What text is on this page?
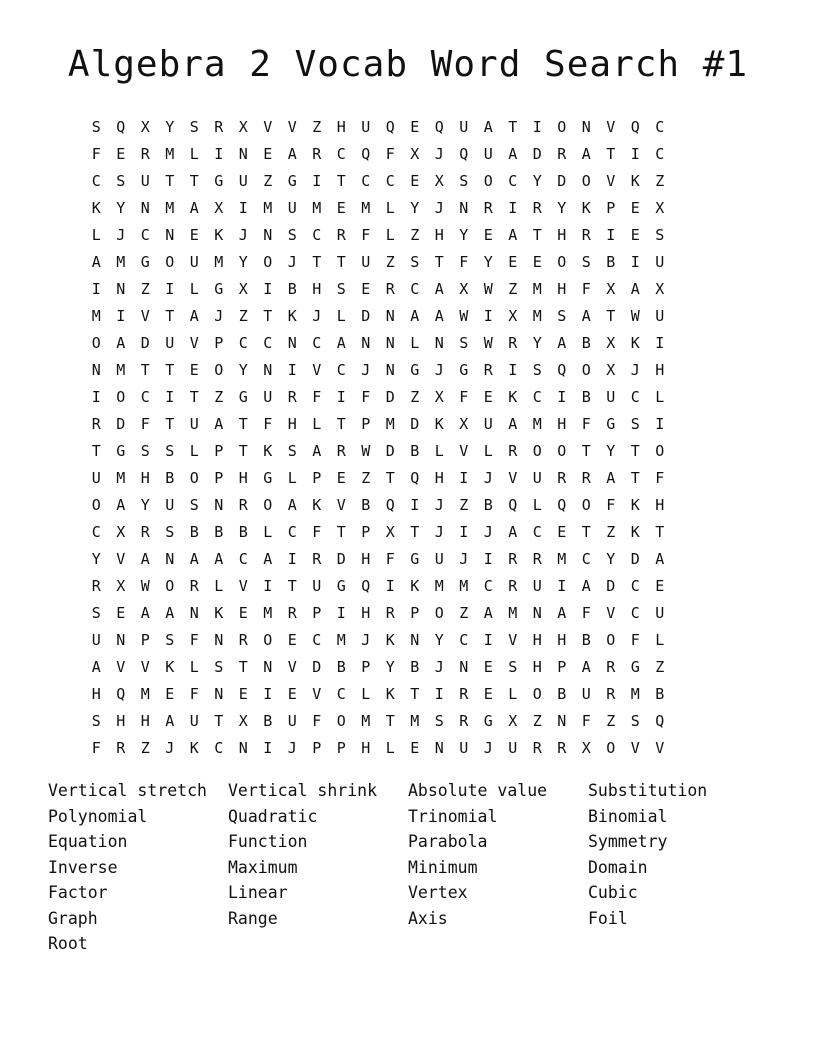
Algebra 2 Vocab Word Search #1
S	Q	X	Y	S	R	X	V	V	Z	H	U	Q	E	Q	U	A	T	I	O	N	V	Q	C
F	E	R	M	L	I	N	E	A	R	C	Q	F	X	J	Q	U	A	D	R	A	T	I	C
C	S	U	T	T	G	U	Z	G	I	T	C	C	E	X	S	O	C	Y	D	O	V	K	Z
K	Y	N	M	A	X	I	M	U	M	E	M	L	Y	J	N	R	I	R	Y	K	P	E	X
L	J	C	N	E	K	J	N	S	C	R	F	L	Z	H	Y	E	A	T	H	R	I	E	S
A	M	G	O	U	M	Y	O	J	T	T	U	Z	S	T	F	Y	E	E	O	S	B	I	U
I	N	Z	I	L	G	X	I	B	H	S	E	R	C	A	X	W	Z	M	H	F	X	A	X
M	I	V	T	A	J	Z	T	K	J	L	D	N	A	A	W	I	X	M	S	A	T	W	U
O	A	D	U	V	P	C	C	N	C	A	N	N	L	N	S	W	R	Y	A	B	X	K	I
N	M	T	T	E	O	Y	N	I	V	C	J	N	G	J	G	R	I	S	Q	O	X	J	H
I	O	C	I	T	Z	G	U	R	F	I	F	D	Z	X	F	E	K	C	I	B	U	C	L
R	D	F	T	U	A	T	F	H	L	T	P	M	D	K	X	U	A	M	H	F	G	S	I
T	G	S	S	L	P	T	K	S	A	R	W	D	B	L	V	L	R	O	O	T	Y	T	O
U	M	H	B	O	P	H	G	L	P	E	Z	T	Q	H	I	J	V	U	R	R	A	T	F
O	A	Y	U	S	N	R	O	A	K	V	B	Q	I	J	Z	B	Q	L	Q	O	F	K	H
C	X	R	S	B	B	B	L	C	F	T	P	X	T	J	I	J	A	C	E	T	Z	K	T
Y	V	A	N	A	A	C	A	I	R	D	H	F	G	U	J	I	R	R	M	C	Y	D	A
R	X	W	O	R	L	V	I	T	U	G	Q	I	K	M	M	C	R	U	I	A	D	C	E
S	E	A	A	N	K	E	M	R	P	I	H	R	P	O	Z	A	M	N	A	F	V	C	U
U	N	P	S	F	N	R	O	E	C	M	J	K	N	Y	C	I	V	H	H	B	O	F	L
A	V	V	K	L	S	T	N	V	D	B	P	Y	B	J	N	E	S	H	P	A	R	G	Z
H	Q	M	E	F	N	E	I	E	V	C	L	K	T	I	R	E	L	O	B	U	R	M	B
S	H	H	A	U	T	X	B	U	F	O	M	T	M	S	R	G	X	Z	N	F	Z	S	Q
F	R	Z	J	K	C	N	I	J	P	P	H	L	E	N	U	J	U	R	R	X	O	V	V
Vertical stretch	Vertical shrink	Absolute value	Substitution
Polynomial	Quadratic	Trinomial	Binomial
Equation	Function	Parabola	Symmetry
Inverse	Maximum	Minimum	Domain
Factor	Linear	Vertex	Cubic
Graph	Range	Axis	Foil
Root
